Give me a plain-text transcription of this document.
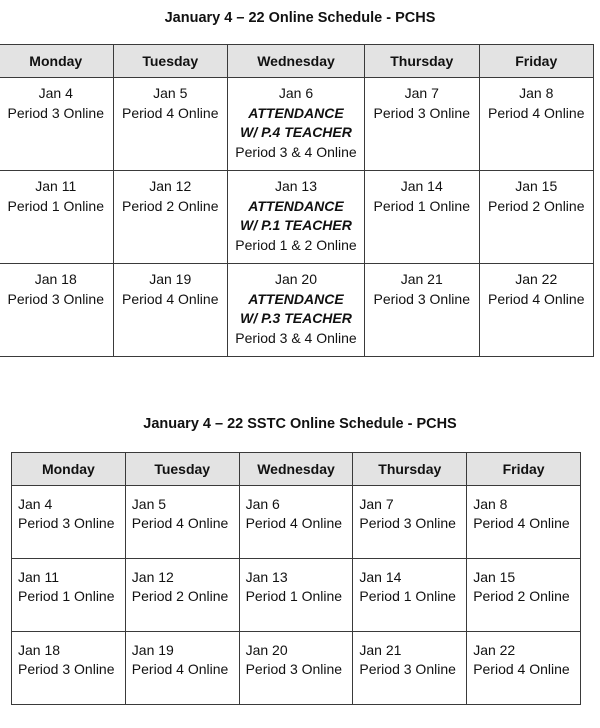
January 4 – 22 Online Schedule - PCHS
Monday	Tuesday	Wednesday	Thursday	Friday

Jan 4
Period 3 Online	Jan 5
Period 4 Online	Jan 6
ATTENDANCE
W/ P.4 TEACHER
Period 3 & 4 Online	Jan 7
Period 3 Online	Jan 8
Period 4 Online

Jan 11
Period 1 Online	Jan 12
Period 2 Online	Jan 13
ATTENDANCE
W/ P.1 TEACHER
Period 1 & 2 Online	Jan 14
Period 1 Online	Jan 15
Period 2 Online

Jan 18
Period 3 Online	Jan 19
Period 4 Online	Jan 20
ATTENDANCE
W/ P.3 TEACHER
Period 3 & 4 Online	Jan 21
Period 3 Online	Jan 22
Period 4 Online
January 4 – 22 SSTC Online Schedule - PCHS
Monday	Tuesday	Wednesday	Thursday	Friday

Jan 4
Period 3 Online	Jan 5
Period 4 Online	Jan 6
Period 4 Online	Jan 7
Period 3 Online	Jan 8
Period 4 Online

Jan 11
Period 1 Online	Jan 12
Period 2 Online	Jan 13
Period 1 Online	Jan 14
Period 1 Online	Jan 15
Period 2 Online

Jan 18
Period 3 Online	Jan 19
Period 4 Online	Jan 20
Period 3 Online	Jan 21
Period 3 Online	Jan 22
Period 4 Online
